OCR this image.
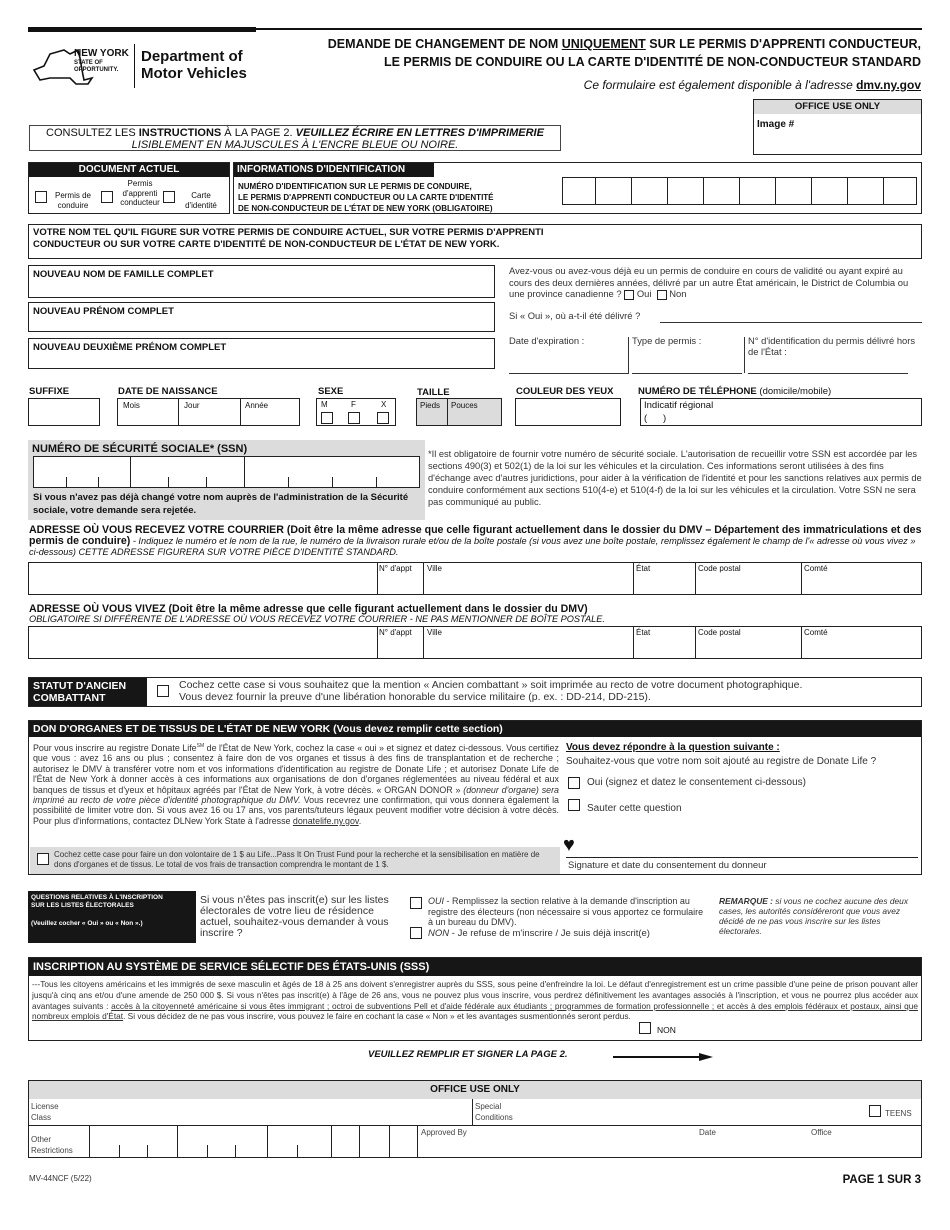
NEW YORK
STATE OF
OPPORTUNITY.
Department of
Motor Vehicles
DEMANDE DE CHANGEMENT DE NOM UNIQUEMENT SUR LE PERMIS D'APPRENTI CONDUCTEUR,
LE PERMIS DE CONDUIRE OU LA CARTE D'IDENTITÉ DE NON-CONDUCTEUR STANDARD
Ce formulaire est également disponible à l'adresse dmv.ny.gov
OFFICE USE ONLY
Image #
CONSULTEZ LES INSTRUCTIONS À LA PAGE 2. VEUILLEZ ÉCRIRE EN LETTRES D'IMPRIMERIE
LISIBLEMENT EN MAJUSCULES À L'ENCRE BLEUE OU NOIRE.
DOCUMENT ACTUEL
Permis de conduire
Permis d'apprenti conducteur
Carte d'identité
INFORMATIONS D'IDENTIFICATION
NUMÉRO D'IDENTIFICATION SUR LE PERMIS DE CONDUIRE,
LE PERMIS D'APPRENTI CONDUCTEUR OU LA CARTE D'IDENTITÉ
DE NON-CONDUCTEUR DE L'ÉTAT DE NEW YORK (OBLIGATOIRE)
VOTRE NOM TEL QU'IL FIGURE SUR VOTRE PERMIS DE CONDUIRE ACTUEL, SUR VOTRE PERMIS D'APPRENTI
CONDUCTEUR OU SUR VOTRE CARTE D'IDENTITÉ DE NON-CONDUCTEUR DE L'ÉTAT DE NEW YORK.
NOUVEAU NOM DE FAMILLE COMPLET
NOUVEAU PRÉNOM COMPLET
NOUVEAU DEUXIÈME PRÉNOM COMPLET
Avez-vous ou avez-vous déjà eu un permis de conduire en cours de validité ou ayant expiré au cours des deux dernières années, délivré par un autre État américain, le District de Columbia ou une province canadienne ? Oui Non
Si « Oui », où a-t-il été délivré ?
Date d'expiration :	Type de permis :	N° d'identification du permis délivré hors de l'État :
SUFFIXE	DATE DE NAISSANCE
Mois	Jour	Année
SEXE
M	F	X
TAILLE
Pieds Pouces
COULEUR DES YEUX	NUMÉRO DE TÉLÉPHONE (domicile/mobile)
Indicatif régional
(      )
NUMÉRO DE SÉCURITÉ SOCIALE* (SSN)
Si vous n'avez pas déjà changé votre nom auprès de l'administration de la Sécurité sociale, votre demande sera rejetée.
*Il est obligatoire de fournir votre numéro de sécurité sociale. L'autorisation de recueillir votre SSN est accordée par les sections 490(3) et 502(1) de la loi sur les véhicules et la circulation. Ces informations seront utilisées à des fins d'échange avec d'autres juridictions, pour aider à la vérification de l'identité et pour les sanctions relatives aux permis de conduire conformément aux sections 510(4-e) et 510(4-f) de la loi sur les véhicules et la circulation. Votre SSN ne sera pas communiqué au public.
ADRESSE OÙ VOUS RECEVEZ VOTRE COURRIER (Doit être la même adresse que celle figurant actuellement dans le dossier du DMV – Département des immatriculations et des permis de conduire) - Indiquez le numéro et le nom de la rue, le numéro de la livraison rurale et/ou de la boîte postale (si vous avez une boîte postale, remplissez également le champ de l'« adresse où vous vivez » ci-dessous) CETTE ADRESSE FIGURERA SUR VOTRE PIÈCE D'IDENTITÉ STANDARD.
N° d'appt Ville	État	Code postal	Comté
ADRESSE OÙ VOUS VIVEZ (Doit être la même adresse que celle figurant actuellement dans le dossier du DMV)
OBLIGATOIRE SI DIFFÉRENTE DE L'ADRESSE OÙ VOUS RECEVEZ VOTRE COURRIER - NE PAS MENTIONNER DE BOÎTE POSTALE.
N° d'appt Ville	État	Code postal	Comté
STATUT D'ANCIEN COMBATTANT
Cochez cette case si vous souhaitez que la mention « Ancien combattant » soit imprimée au recto de votre document photographique.
Vous devez fournir la preuve d'une libération honorable du service militaire (p. ex. : DD-214, DD-215).
DON D'ORGANES ET DE TISSUS DE L'ÉTAT DE NEW YORK (Vous devez remplir cette section)
Pour vous inscrire au registre Donate Life℠ de l'État de New York, cochez la case « oui » et signez et datez ci-dessous. Vous certifiez que vous : avez 16 ans ou plus ; consentez à faire don de vos organes et tissus à des fins de transplantation et de recherche ; autorisez le DMV à transférer votre nom et vos informations d'identification au registre de Donate Life ; et autorisez Donate Life de l'État de New York à donner accès à ces informations aux organisations de don d'organes réglementées au niveau fédéral et aux banques de tissus et d'yeux et hôpitaux agréés par l'État de New York, à votre décès. « ORGAN DONOR » (donneur d'organe) sera imprimé au recto de votre pièce d'identité photographique du DMV. Vous recevrez une confirmation, qui vous donnera également la possibilité de limiter votre don. Si vous avez 16 ou 17 ans, vos parents/tuteurs légaux peuvent modifier votre décision à votre décès. Pour plus d'informations, contactez DLNew York State à l'adresse donatelife.ny.gov.
Cochez cette case pour faire un don volontaire de 1 $ au Life...Pass It On Trust Fund pour la recherche et la sensibilisation en matière de dons d'organes et de tissus. Le total de vos frais de transaction comprendra le montant de 1 $.
Vous devez répondre à la question suivante :
Souhaitez-vous que votre nom soit ajouté au registre de Donate Life ?
Oui (signez et datez le consentement ci-dessous)
Sauter cette question
♥
Signature et date du consentement du donneur
QUESTIONS RELATIVES À L'INSCRIPTION
SUR LES LISTES ÉLECTORALES
(Veuillez cocher « Oui » ou « Non ».)
Si vous n'êtes pas inscrit(e) sur les listes électorales de votre lieu de résidence actuel, souhaitez-vous demander à vous inscrire ?
OUI - Remplissez la section relative à la demande d'inscription au registre des électeurs (non nécessaire si vous apportez ce formulaire à un bureau du DMV).
NON - Je refuse de m'inscrire / Je suis déjà inscrit(e)
REMARQUE : si vous ne cochez aucune des deux cases, les autorités considéreront que vous avez décidé de ne pas vous inscrire sur les listes électorales.
INSCRIPTION AU SYSTÈME DE SERVICE SÉLECTIF DES ÉTATS-UNIS (SSS)
---Tous les citoyens américains et les immigrés de sexe masculin et âgés de 18 à 25 ans doivent s'enregistrer auprès du SSS, sous peine d'enfreindre la loi. Le défaut d'enregistrement est un crime passible d'une peine de prison pouvant aller jusqu'à cinq ans et/ou d'une amende de 250 000 $. Si vous n'êtes pas inscrit(e) à l'âge de 26 ans, vous ne pouvez plus vous inscrire, vous perdrez définitivement les avantages associés à l'inscription, et vous ne pourrez plus accéder aux avantages suivants : accès à la citoyenneté américaine si vous êtes immigrant ; octroi de subventions Pell et d'aide fédérale aux étudiants ; programmes de formation professionnelle ; et accès à des emplois fédéraux et postaux, ainsi que nombreux emplois d'État. Si vous décidez de ne pas vous inscrire, vous pouvez le faire en cochant la case « Non » et les avantages susmentionnés seront perdus.
NON
VEUILLEZ REMPLIR ET SIGNER LA PAGE 2.
OFFICE USE ONLY
License
Class
Special
Conditions	TEENS
Other
Restrictions
Approved By	Date	Office
MV-44NCF (5/22)	PAGE 1 SUR 3
